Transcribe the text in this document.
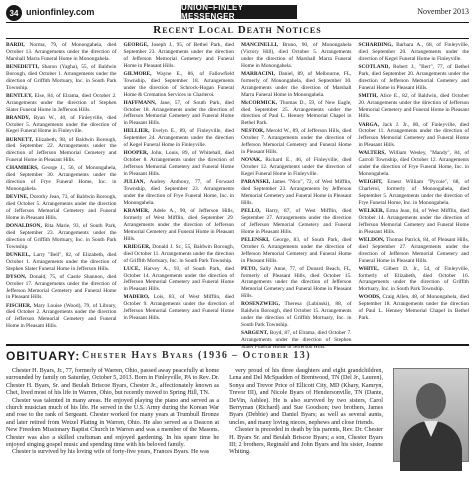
34 unionfinley.com	UNION–FINLEY MESSENGER
November 2013
Recent Local Death Notices

BARDI, Norma, 79, of Monongahela, died October 13. Arrangements under the direction of Marshall Marra Funeral Home in Monongahela.

BENEDETTI, Sharon (Yagha), 55, of Baldwin Borough, died October 1. Arrangements under the direction of Griffith Mortuary, Inc. in South Park Township.

BENTLEY, Else, 84, of Elrama, died October 2. Arrangements under the direction of Stephen Slater Funeral Home in Jefferson Hills.

BRANDY, Ryan W., 40, of Finleyville, died October 5. Arrangements under the direction of Kegel Funeral Home in Finleyville.

BURNETT, Elizabeth, 98, of Baldwin Borough, died September 22. Arrangements under the direction of Jefferson Memorial Cemetery and Funeral Home in Pleasant Hills.

CHAMBERS, George J., 56, of Monongahela, died September 30. Arrangements under the direction of Frye Funeral Home, Inc. in Monongahela.

DEVINE, Dorothy Jean, 73, of Baldwin Borough, died October 5. Arrangements under the direction of Jefferson Memorial Cemetery and Funeral Home in Pleasant Hills.

DONALDSON, Rita Marie, 93, of South Park, died September 23. Arrangements under the direction of Griffith Mortuary, Inc. in South Park Township.

DUNKEL, Larry "Bell", 82, of Elizabeth, died October 1. Arrangements under the direction of Stephen Slater Funeral Home in Jefferson Hills.

DYSON, Donald, 75, of Castle Shannon, died October 17. Arrangements under the direction of Jefferson Memorial Cemetery and Funeral Home in Pleasant Hills.

FISCHER, Mary Louise (Wood), 79, of Library, died October 2. Arrangements under the direction of Jefferson Memorial Cemetery and Funeral Home in Pleasant Hills.

GEORGE, Joseph J., 95, of Bethel Park, died September 23. Arrangements under the direction of Jefferson Memorial Cemetery and Funeral Home in Pleasant Hills.

GILMORE, Wayne E., 86, of Fallowfield Township, died September 18. Arrangements under the direction of Schrock-Hogan Funeral Home & Cremation Services in Charleroi.

HAFFMANN, Jane, 57, of South Park, died October 18. Arrangements under the direction of Jefferson Memorial Cemetery and Funeral Home in Pleasant Hills.

HELLIER, Evelyn E., 89, of Finleyville, died September 24. Arrangements under the direction of Kegel Funeral Home in Finleyville.

HOOPER, John, Louis, 89, of Whitehall, died October 8. Arrangements under the direction of Jefferson Memorial Cemetery and Funeral Home in Pleasant Hills.

JULIAN, Audrey Anthony, 77, of Forward Township, died September 23. Arrangements under the direction of Frye Funeral Home, Inc. in Monongahela.

KRAMER, Adele A., 90, of Jefferson Hills, formerly of West Mifflin, died September 29. Arrangements under the direction of Jefferson Memorial Cemetery and Funeral Home in Pleasant Hills.

KRIEGER, Donald J. Sr., 55, Baldwin Borough, died October 11. Arrangements under the direction of Griffith Mortuary, Inc. in South Park Township.

LUCE, Harvey A., 93, of South Park, died October 14. Arrangements under the direction of Jefferson Memorial Cemetery and Funeral Home in Pleasant Hills.

MADERO, Lois, 83, of West Mifflin, died October 9. Arrangements under the direction of Jefferson Memorial Cemetery and Funeral Home in Pleasant Hills.

MANCINELLI, Bruno, 90, of Monongahela (Victory Hill), died October 5. Arrangements under the direction of Marshall Marra Funeral Home in Monongahela.

MARRACINI, Daniel, 89, of Melbourne, FL, formerly of Monongahela, died September 30. Arrangements under the direction of Marshall Marra Funeral Home in Monongahela.

McCORMICK, Thomas D., 59, of New Eagle, died September 25. Arrangements under the direction of Paul L. Henney Memorial Chapel in Bethel Park.

NESTOR, Merold W., 89, of Jefferson Hills, died October 7. Arrangements under the direction of Jefferson Memorial Cemetery and Funeral Home in Pleasant Hills.

NOVAK, Richard E., 46, of Finleyville, died October 12. Arrangements under the direction of Kegel Funeral Home in Finleyville.

PARANSKI, James "Nico", 72, of West Mifflin, died September 23. Arrangements by Jefferson Memorial Cemetery and Funeral Home in Pleasant Hills.

PELLO, Harry, 87, of West Mifflin, died September 27. Arrangements under the direction of Jefferson Memorial Cemetery and Funeral Home in Pleasant Hills.

PELENSKI, George, 83, of South Park, died October 6. Arrangements under the direction of Jefferson Memorial Cemetery and Funeral Home in Pleasant Hills.

PETO, Sally Anne, 77, of Donard Beach, FL, formerly of Pleasant Hills, died October 15. Arrangements under the direction of Jefferson Memorial Cemetery and Funeral Home in Pleasant Hills.

ROSENZWEIG, Theresa (Lubinski), 88, of Baldwin Borough, died October 15. Arrangements under the direction of Griffith Mortuary, Inc. in South Park Township.

SARGENT, Boyd, 87, of Elrama, died October 7. Arrangements under the direction of Stephen Slater Funeral Home in Jefferson Hills.

SCHARDING, Barbara A., 68, of Finleyville, died September 20. Arrangements under the direction of Kegel Funeral Home in Finleyville.

SCOTLAND, Robert J., "Bert", 77, of Bethel Park, died September 20. Arrangements under the direction of Jefferson Memorial Cemetery and Funeral Home in Pleasant Hills.

SMITH, Alice E., 82, of Baldwin, died October 20. Arrangements under the direction of Jefferson Memorial Cemetery and Funeral Home in Pleasant Hills.

VARGA, Jack J. Jr., 80, of Finleyville, died October 11. Arrangements under the direction of Jefferson Memorial Cemetery and Funeral Home in Pleasant Hills.

WALTERS, William Wesley, "Mandy", 84, of Carroll Township, died October 12. Arrangements under the direction of Frye Funeral Home, Inc. in Monongahela.

WEIGHT, Ernest William "Pycoie", 68, of Charleroi, formerly of Monongahela, died September 5. Arrangements under the direction of Frye Funeral Home, Inc. in Monongahela.

WELKER, Erma Jean, 84, of West Mifflin, died October 14. Arrangements under the direction of Jefferson Memorial Cemetery and Funeral Home in Pleasant Hills.

WELDON, Thomas Patrick, 84, of Pleasant Hills, died September 27. Arrangements under the direction of Jefferson Memorial Cemetery and Funeral Home in Pleasant Hills.

WHITE, Gilbert D. Jr., 54, of Finleyville, formerly of Elizabeth, died October 16. Arrangements under the direction of Griffith Mortuary, Inc. in South Park Township.

WOODS, Craig Allen, 48, of Monongahela, died September 18. Arrangements under the direction of Paul L. Henney Memorial Chapel in Bethel Park.

OBITUARY: Chester Hays Byars (1936 – October 13)

Chester H. Byars, Jr., 77, formerly of Warren, Ohio, passed away peacefully at home surrounded by family on Saturday, October 5, 2013. Born in Finleyville, PA to Rev. Dr. Chester H. Byars, Sr. and Beulah Briscoe Byars, Chester Jr., affectionately known as Chet, lived most of his life in Warren, Ohio, but recently moved to Spring Hill, TN.

Chester was talented in many areas. He enjoyed playing the piano and served as a church musician much of his life. He served in the U.S. Army during the Korean War and rose to the rank of Sergeant. Chester worked for many years at Trumbull Bronze and later retired from Wetzel Plating in Warren, Ohio. He also served as a Deacon at New Freedom Missionary Baptist Church in Warren and was a member of the Masons. Chester was also a skilled craftsman and enjoyed gardening. In his spare time he enjoyed singing gospel music and spending time with his beloved family.

Chester is survived by his loving wife of forty-five years, Frances Byars. He was

very proud of his three daughters and eight grandchildren, Lena and Del McSpadden of Brentwood, TN (Del Jr., Lauren), Sonya and Trevor Price of Ellicott City, MD (Khary, Kamryn, Trevor III), and Nicole Byars of Hendersonville, TN (Dante, DeVin, Ashlee). He is also survived by two sisters, Carol Berryman (Richard) and Sue Goodson; two brothers, James Byars (Debbie) and Daniel Byars; as well as several aunts, uncles, and many loving nieces, nephews and close friends.

Chester is preceded in death by his parents, Rev. Dr. Chester H. Byars Sr. and Beulah Briscoe Byars; a son, Chester Byars III; 2 brothers, Reginald and John Byars and his sister, Joanne Whiting.
